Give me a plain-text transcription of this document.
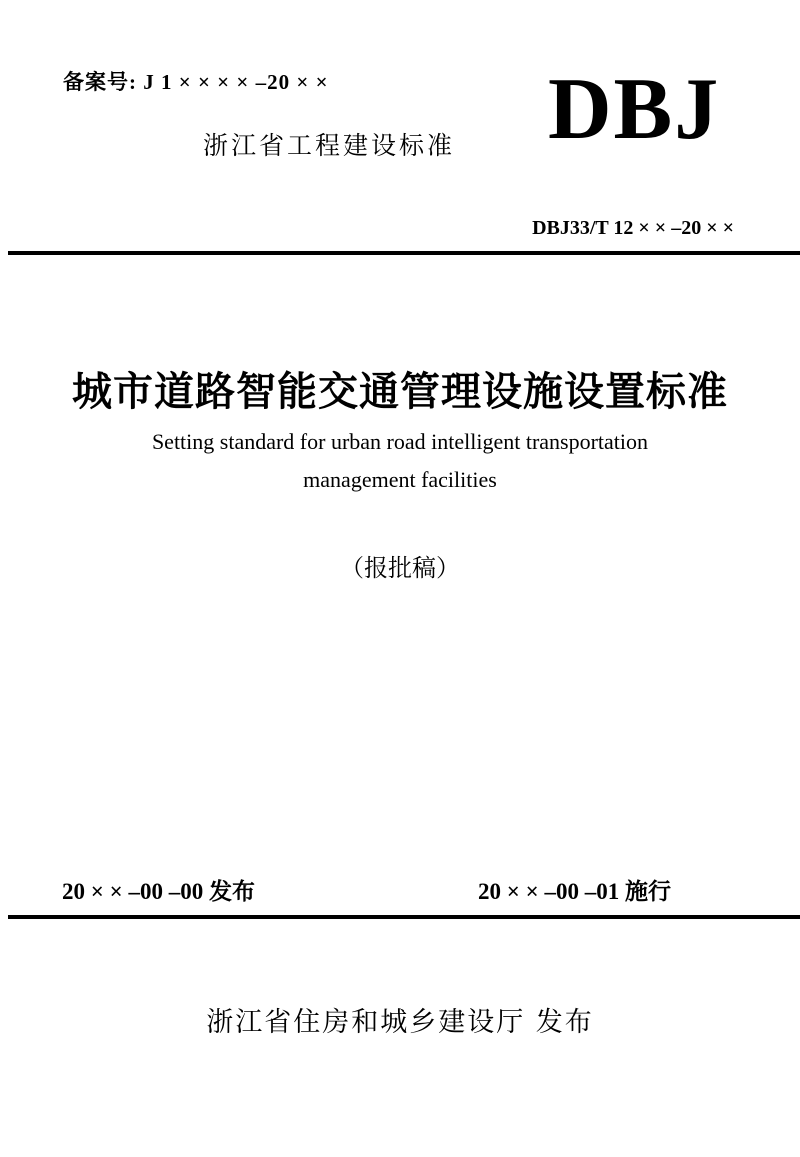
备案号: J 1 × × × × –20 × ×
浙江省工程建设标准 DBJ
DBJ33/T 12 × × –20 × ×
城市道路智能交通管理设施设置标准
Setting standard for urban road intelligent transportation
management facilities
（报批稿）
20 × × –00 –00 发布	20 × × –00 –01 施行
浙江省住房和城乡建设厅 发布
